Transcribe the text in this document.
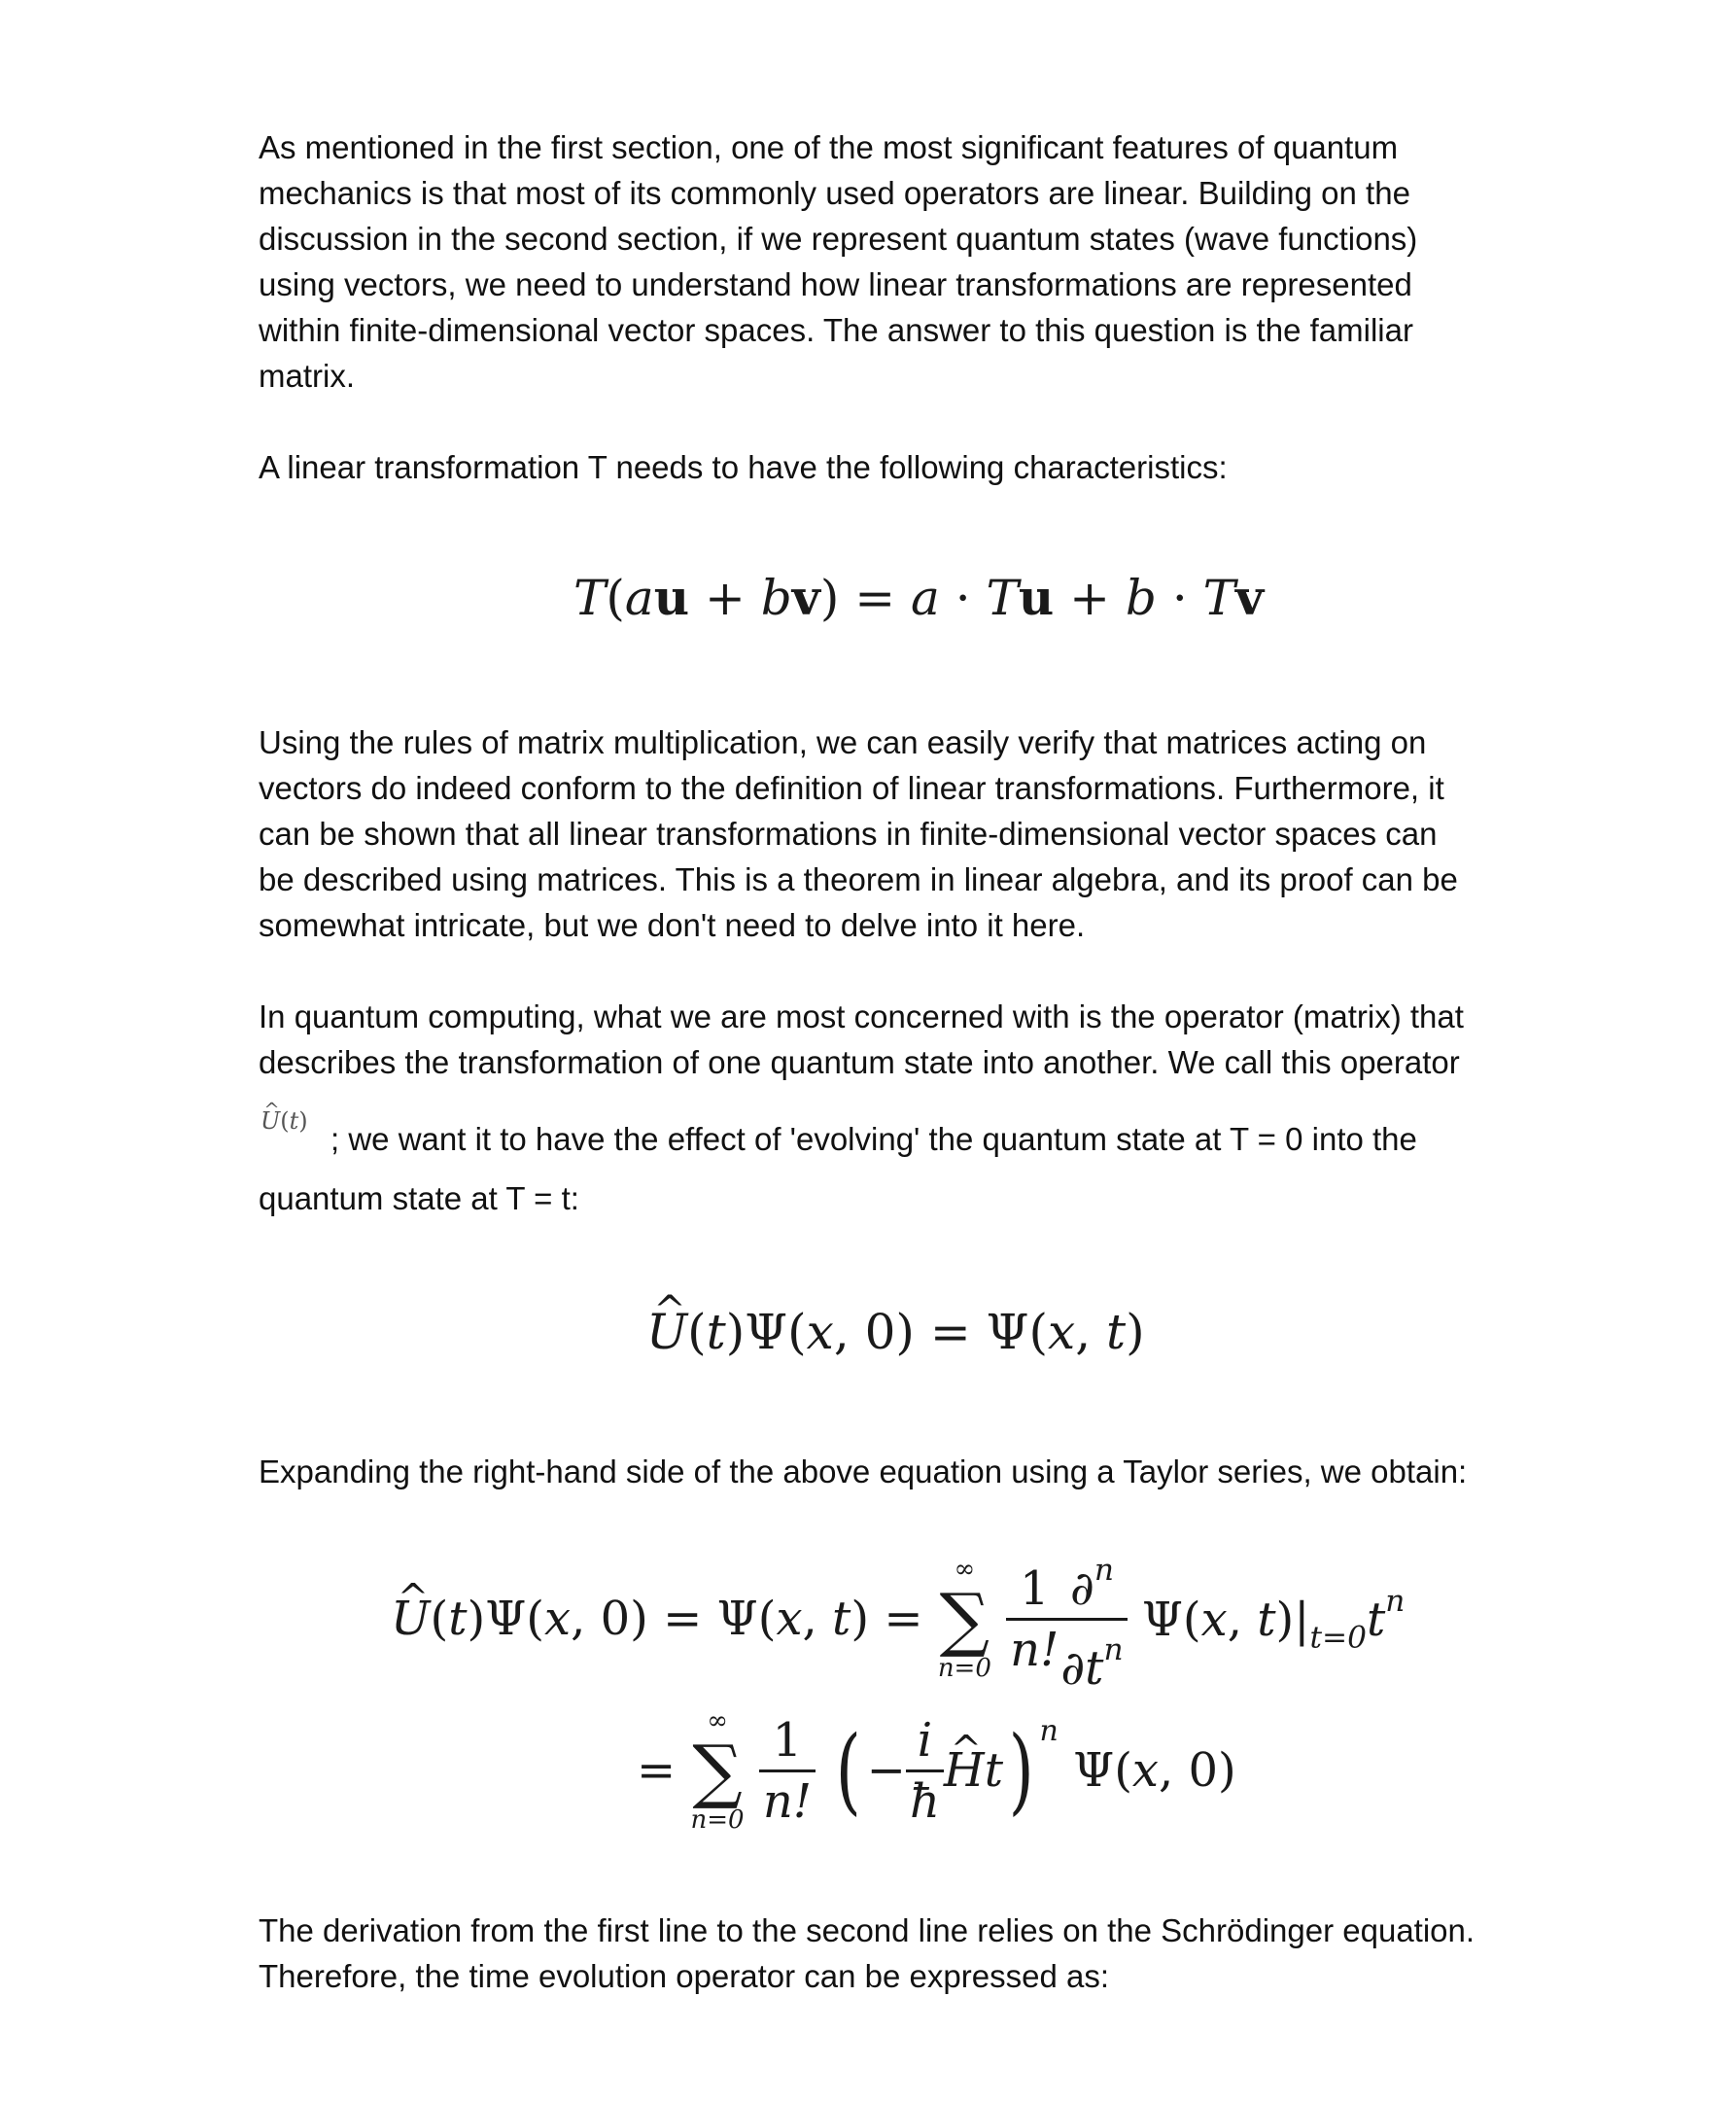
As mentioned in the first section, one of the most significant features of quantum

mechanics is that most of its commonly used operators are linear. Building on the

discussion in the second section, if we represent quantum states (wave functions)

using vectors, we need to understand how linear transformations are represented

within finite-dimensional vector spaces. The answer to this question is the familiar

matrix.

A linear transformation T needs to have the following characteristics:

T(au + bv) = a · Tu + b · Tv

Using the rules of matrix multiplication, we can easily verify that matrices acting on

vectors do indeed conform to the definition of linear transformations. Furthermore, it

can be shown that all linear transformations in finite-dimensional vector spaces can

be described using matrices. This is a theorem in linear algebra, and its proof can be

somewhat intricate, but we don't need to delve into it here.

In quantum computing, what we are most concerned with is the operator (matrix) that

describes the transformation of one quantum state into another. We call this operator

^ U(t) ; we want it to have the effect of 'evolving' the quantum state at T = 0 into the

quantum state at T = t:

^ U(t)Ψ(x, 0) = Ψ(x, t)

Expanding the right-hand side of the above equation using a Taylor series, we obtain:

^ U(t)Ψ(x, 0) = Ψ(x, t) =
∞
∑
n=0
$\frac{1}{n!}$
$\frac{\partial^n}{\partial t^n} \Psi(x$, $t)|_{t=0}t^n$
=
∞
∑
n=0
$\frac{1}{n!}$ ( − $\frac{i}{ħ}$
^ Ht) n Ψ(x, 0)

The derivation from the first line to the second line relies on the Schrödinger equation.

Therefore, the time evolution operator can be expressed as:
